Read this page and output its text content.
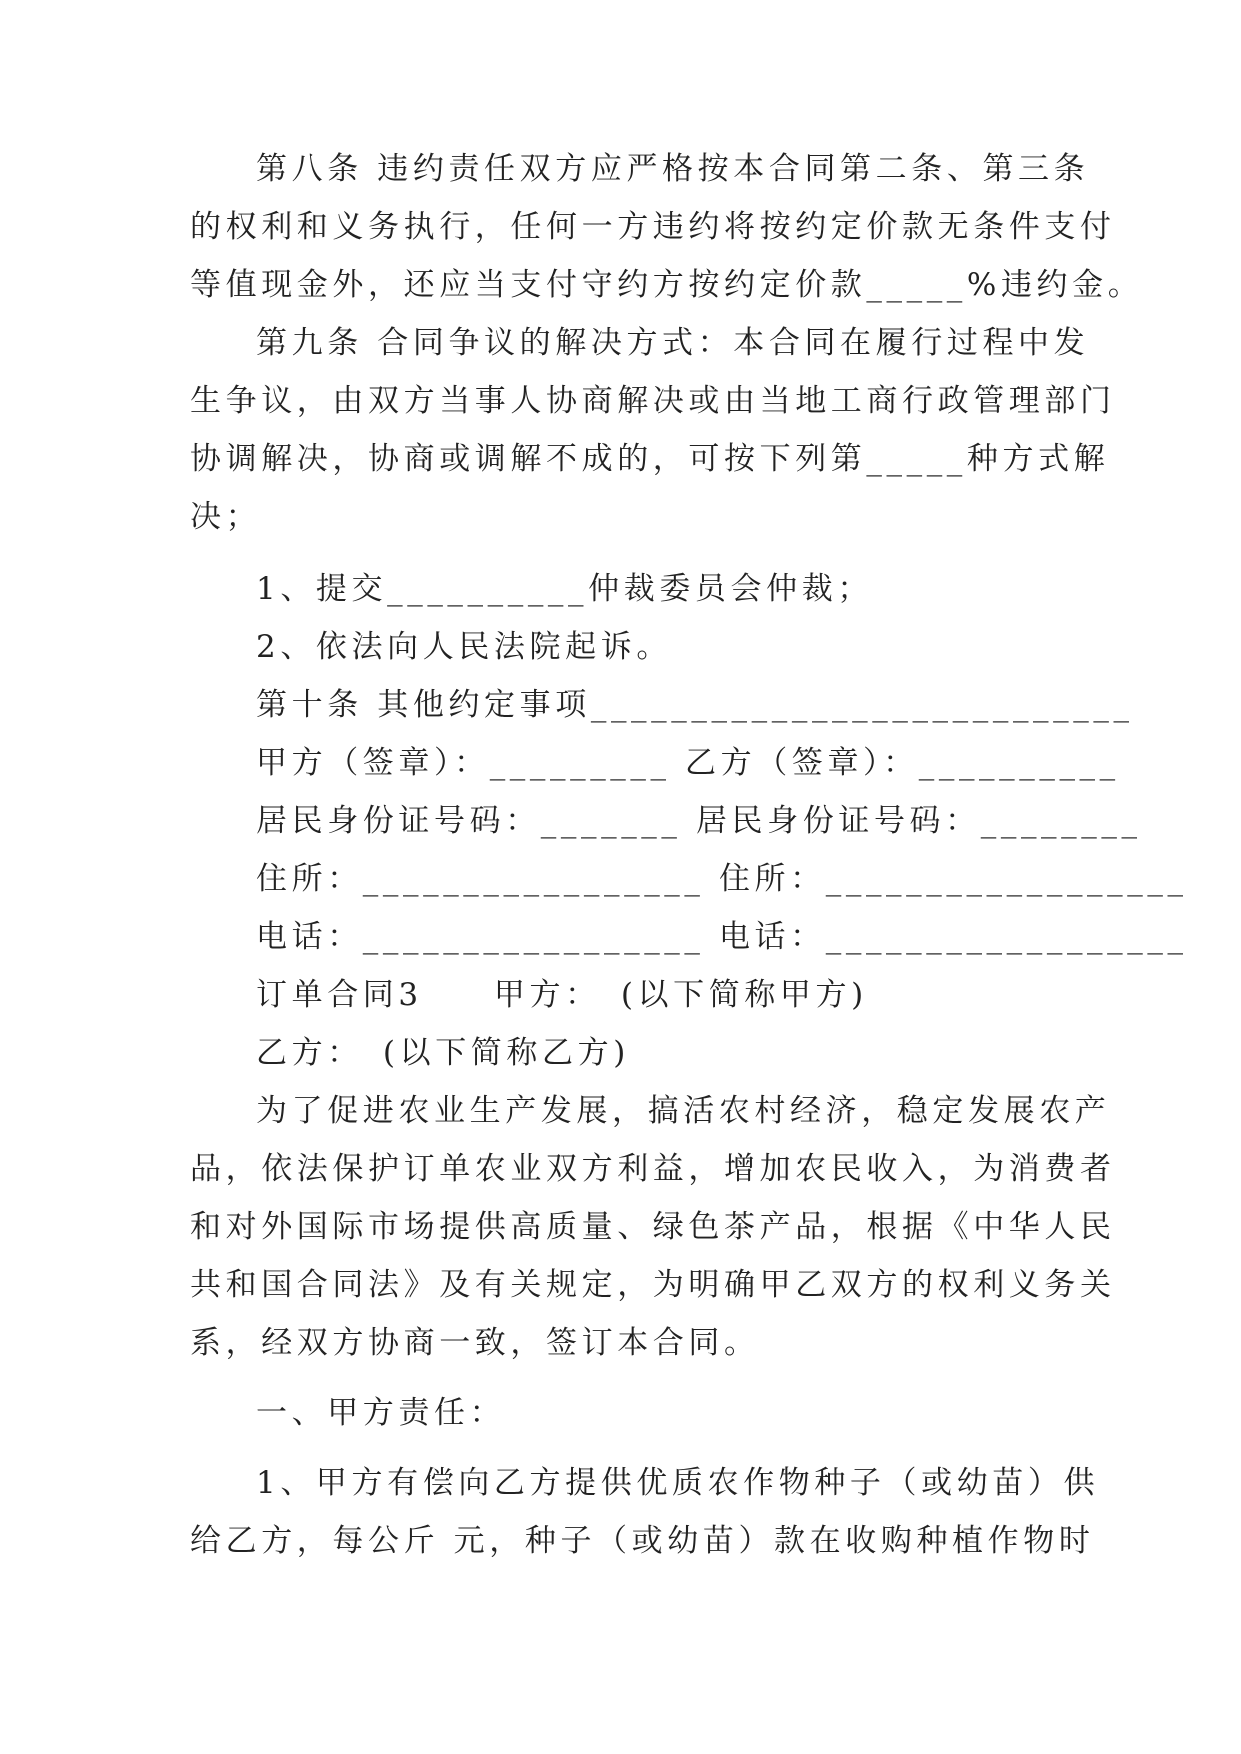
第八条 违约责任双方应严格按本合同第二条、第三条
的权利和义务执行，任何一方违约将按约定价款无条件支付
等值现金外，还应当支付守约方按约定价款_____%违约金。
第九条 合同争议的解决方式：本合同在履行过程中发
生争议，由双方当事人协商解决或由当地工商行政管理部门
协调解决，协商或调解不成的，可按下列第_____种方式解
决；
1、提交__________仲裁委员会仲裁；
2、依法向人民法院起诉。
第十条 其他约定事项___________________________
甲方（签章）：_________ 乙方（签章）：__________
居民身份证号码：_______ 居民身份证号码：________
住所：_________________ 住所：__________________
电话：_________________ 电话：__________________
订单合同3　　甲方：　(以下简称甲方)
乙方：　(以下简称乙方)
为了促进农业生产发展，搞活农村经济，稳定发展农产
品，依法保护订单农业双方利益，增加农民收入，为消费者
和对外国际市场提供高质量、绿色茶产品，根据《中华人民
共和国合同法》及有关规定，为明确甲乙双方的权利义务关
系，经双方协商一致，签订本合同。
一、甲方责任：
1、甲方有偿向乙方提供优质农作物种子（或幼苗）供
给乙方，每公斤 元，种子（或幼苗）款在收购种植作物时
